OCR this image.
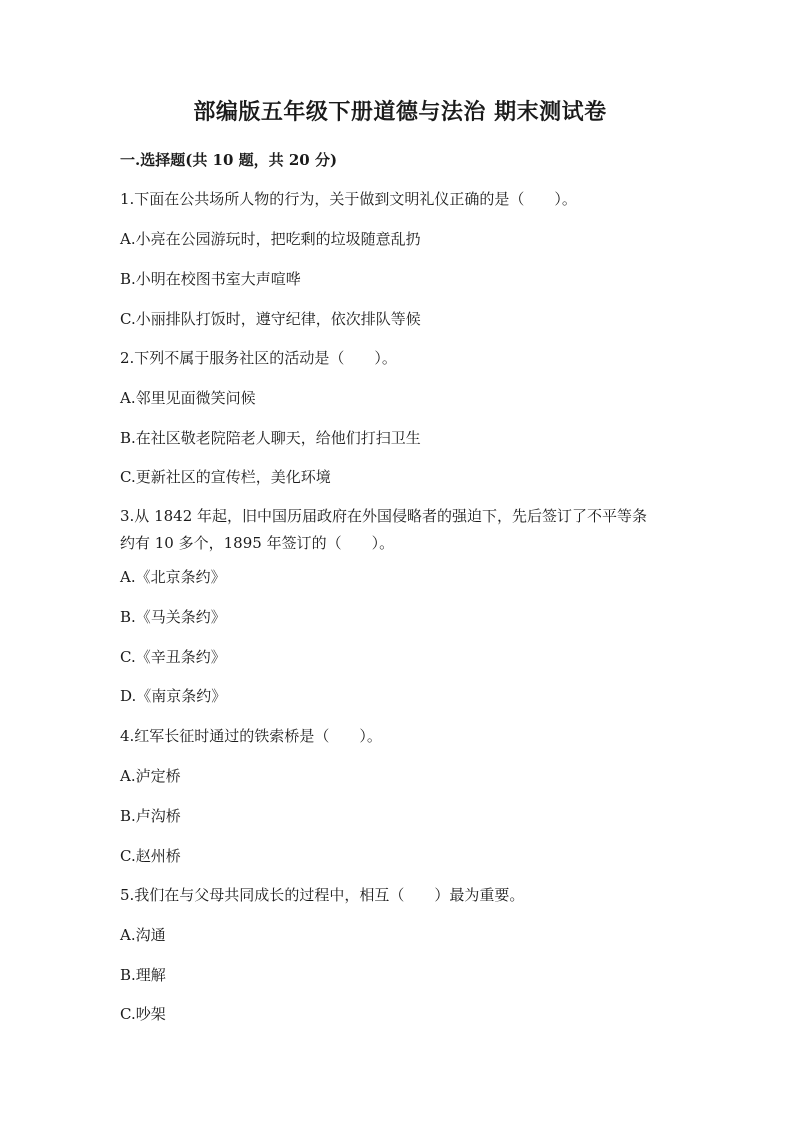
部编版五年级下册道德与法治 期末测试卷
一.选择题(共 10 题，共 20 分)
1.下面在公共场所人物的行为，关于做到文明礼仪正确的是（　　）。
A.小亮在公园游玩时，把吃剩的垃圾随意乱扔
B.小明在校图书室大声喧哗
C.小丽排队打饭时，遵守纪律，依次排队等候
2.下列不属于服务社区的活动是（　　）。
A.邻里见面微笑问候
B.在社区敬老院陪老人聊天，给他们打扫卫生
C.更新社区的宣传栏，美化环境
3.从 1842 年起，旧中国历届政府在外国侵略者的强迫下，先后签订了不平等条
约有 10 多个，1895 年签订的（　　）。
A.《北京条约》
B.《马关条约》
C.《辛丑条约》
D.《南京条约》
4.红军长征时通过的铁索桥是（　　）。
A.泸定桥
B.卢沟桥
C.赵州桥
5.我们在与父母共同成长的过程中，相互（　　）最为重要。
A.沟通
B.理解
C.吵架
